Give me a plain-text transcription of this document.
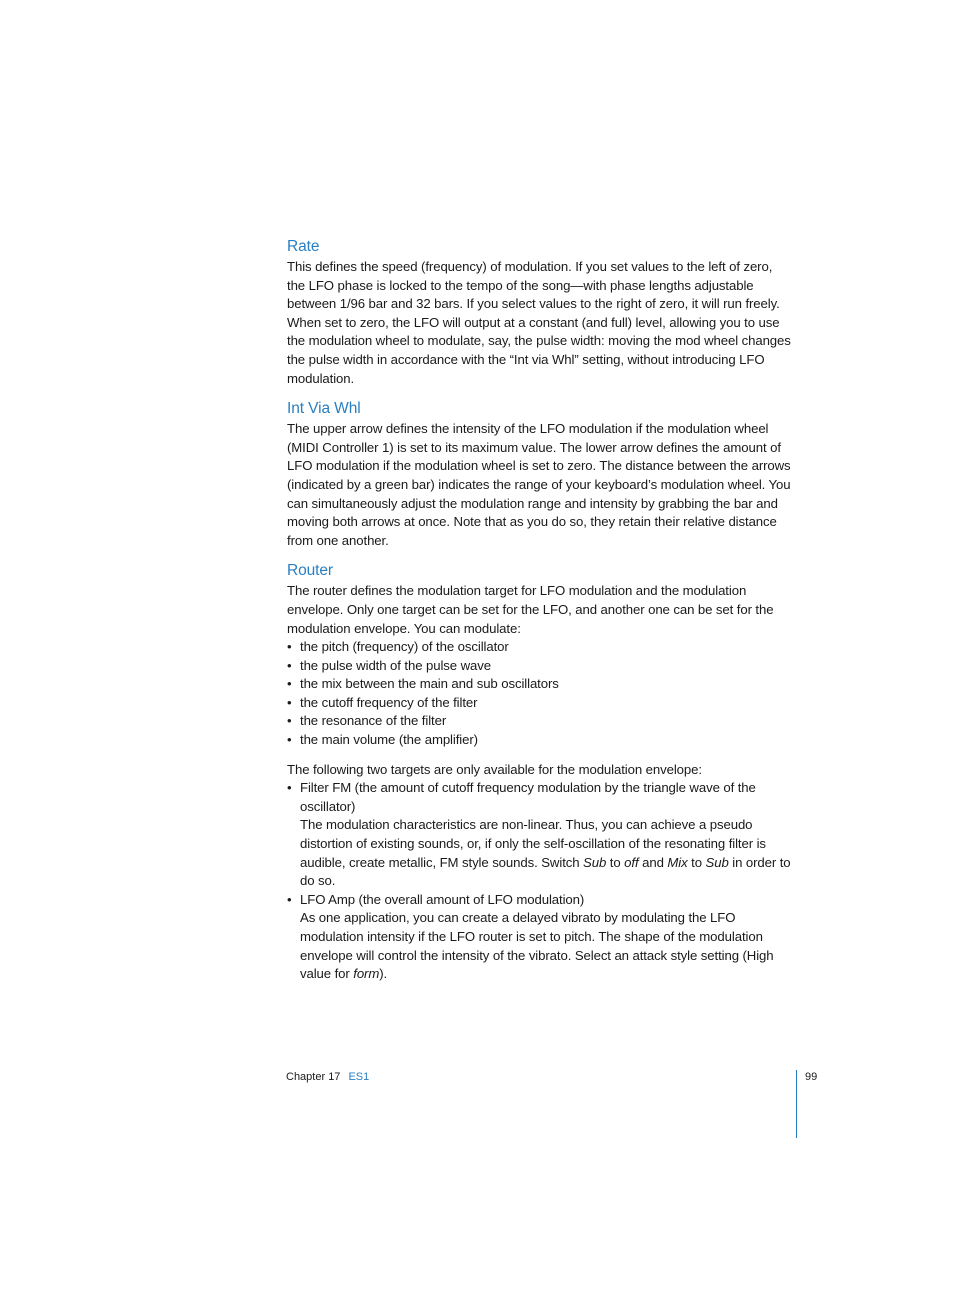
Rate

This defines the speed (frequency) of modulation. If you set values to the left of zero, the LFO phase is locked to the tempo of the song—with phase lengths adjustable between 1/96 bar and 32 bars. If you select values to the right of zero, it will run freely. When set to zero, the LFO will output at a constant (and full) level, allowing you to use the modulation wheel to modulate, say, the pulse width: moving the mod wheel changes the pulse width in accordance with the “Int via Whl” setting, without introducing LFO modulation.

Int Via Whl

The upper arrow defines the intensity of the LFO modulation if the modulation wheel (MIDI Controller 1) is set to its maximum value. The lower arrow defines the amount of LFO modulation if the modulation wheel is set to zero. The distance between the arrows (indicated by a green bar) indicates the range of your keyboard’s modulation wheel. You can simultaneously adjust the modulation range and intensity by grabbing the bar and moving both arrows at once. Note that as you do so, they retain their relative distance from one another.

Router

The router defines the modulation target for LFO modulation and the modulation envelope. Only one target can be set for the LFO, and another one can be set for the modulation envelope. You can modulate:

• the pitch (frequency) of the oscillator
• the pulse width of the pulse wave
• the mix between the main and sub oscillators
• the cutoff frequency of the filter
• the resonance of the filter
• the main volume (the amplifier)

The following two targets are only available for the modulation envelope:

• Filter FM (the amount of cutoff frequency modulation by the triangle wave of the oscillator)
The modulation characteristics are non-linear. Thus, you can achieve a pseudo distortion of existing sounds, or, if only the self-oscillation of the resonating filter is audible, create metallic, FM style sounds. Switch Sub to off and Mix to Sub in order to do so.
• LFO Amp (the overall amount of LFO modulation)
As one application, you can create a delayed vibrato by modulating the LFO modulation intensity if the LFO router is set to pitch. The shape of the modulation envelope will control the intensity of the vibrato. Select an attack style setting (High value for form).
Chapter 17 ES1	99
